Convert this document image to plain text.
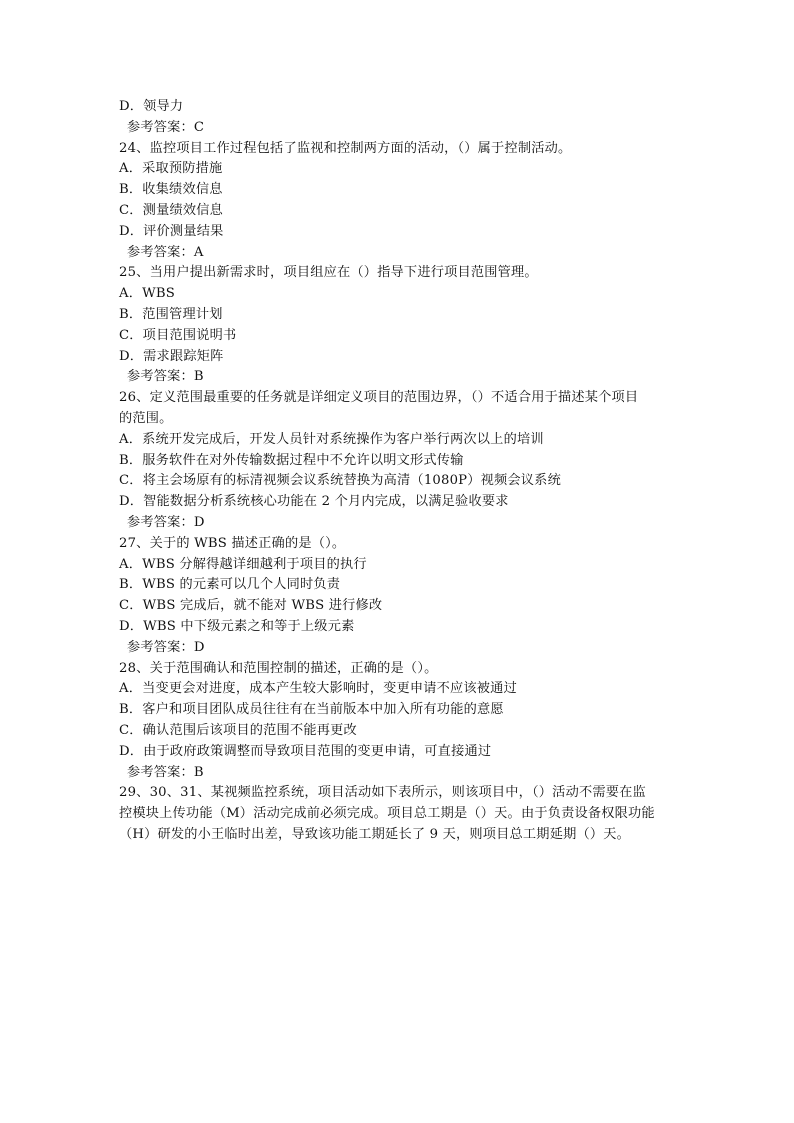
D．领导力
参考答案：C
24、监控项目工作过程包括了监视和控制两方面的活动，（）属于控制活动。
A．采取预防措施
B．收集绩效信息
C．测量绩效信息
D．评价测量结果
参考答案：A
25、当用户提出新需求时，项目组应在（）指导下进行项目范围管理。
A．WBS
B．范围管理计划
C．项目范围说明书
D．需求跟踪矩阵
参考答案：B
26、定义范围最重要的任务就是详细定义项目的范围边界，（）不适合用于描述某个项目
的范围。
A．系统开发完成后，开发人员针对系统操作为客户举行两次以上的培训
B．服务软件在对外传输数据过程中不允许以明文形式传输
C．将主会场原有的标清视频会议系统替换为高清（1080P）视频会议系统
D．智能数据分析系统核心功能在 2 个月内完成，以满足验收要求
参考答案：D
27、关于的 WBS 描述正确的是（）。
A．WBS 分解得越详细越利于项目的执行
B．WBS 的元素可以几个人同时负责
C．WBS 完成后，就不能对 WBS 进行修改
D．WBS 中下级元素之和等于上级元素
参考答案：D
28、关于范围确认和范围控制的描述，正确的是（）。
A．当变更会对进度，成本产生较大影响时，变更申请不应该被通过
B．客户和项目团队成员往往有在当前版本中加入所有功能的意愿
C．确认范围后该项目的范围不能再更改
D．由于政府政策调整而导致项目范围的变更申请，可直接通过
参考答案：B
29、30、31、某视频监控系统，项目活动如下表所示，则该项目中，（）活动不需要在监
控模块上传功能（M）活动完成前必须完成。项目总工期是（）天。由于负责设备权限功能
（H）研发的小王临时出差，导致该功能工期延长了 9 天，则项目总工期延期（）天。
